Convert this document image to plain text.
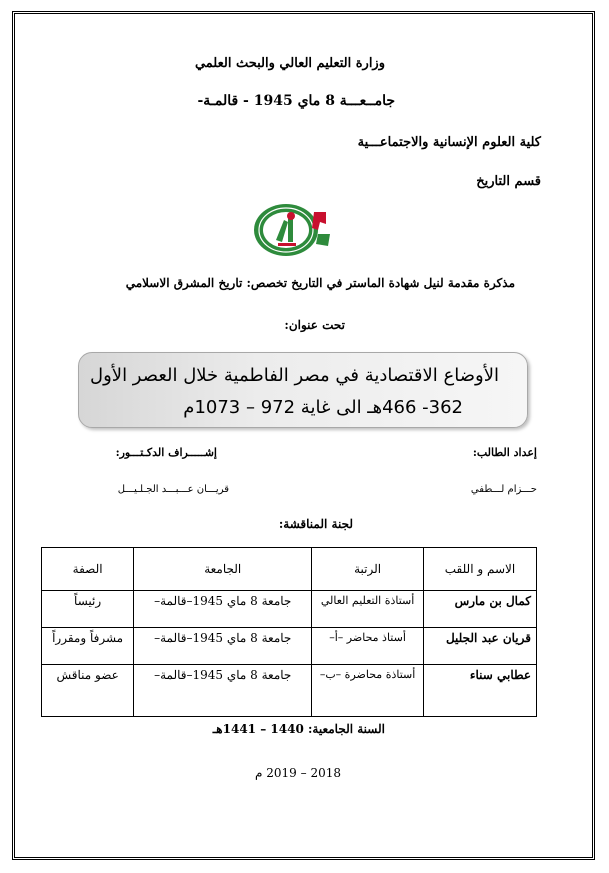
وزارة التعليم العالي والبحث العلمي
جامــعـــة 8 ماي 1945 - قالمـة-
كلية العلوم الإنسانية والاجتماعـــية
قسم التاريخ
مذكرة مقدمة لنيل شهادة الماستر في التاريخ تخصص: تاريخ المشرق الاسلامي
تحت عنوان:
الأوضاع الاقتصادية في مصر الفاطمية خلال العصر الأول
362- 466هـ الى غاية 972 – 1073م
إعداد الطالب:
حـــزام لـــطفي
إشـــــراف الدكـتـــور:
قريـــان عـــبـــد الجـلـيـــل
لجنة المناقشة:
الاسم و اللقب	الرتبة	الجامعة	الصفة
كمال بن مارس	أستاذة التعليم العالي	جامعة 8 ماي 1945–قالمة–	رئيساً
قريان عبد الجليل	أستاذ محاضر –أ–	جامعة 8 ماي 1945–قالمة–	مشرفاً ومقرراً
عطابي سناء	أستاذة محاضرة –ب–	جامعة 8 ماي 1945–قالمة–	عضو مناقش
السنة الجامعية: 1440 – 1441هـ
2018 – 2019 م
